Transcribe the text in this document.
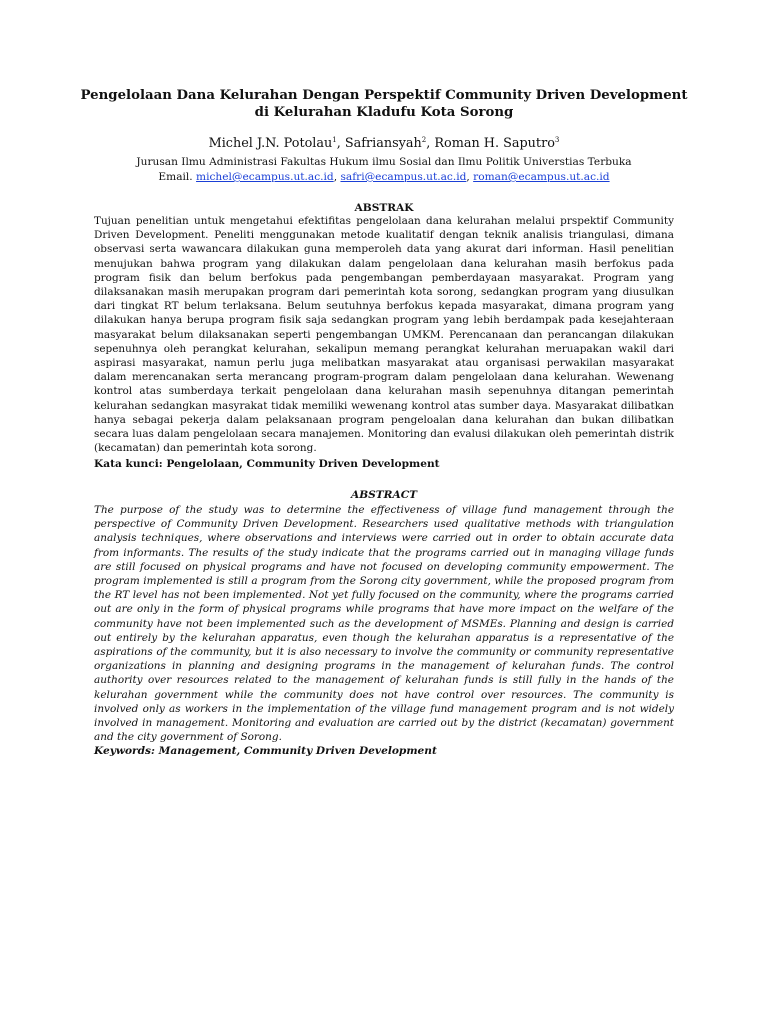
Pengelolaan Dana Kelurahan Dengan Perspektif Community Driven Development
di Kelurahan Kladufu Kota Sorong
Michel J.N. Potolau$^1$, Safriansyah$^2$, Roman H. Saputro$^3$
Jurusan Ilmu Administrasi Fakultas Hukum ilmu Sosial dan Ilmu Politik Universtias Terbuka
Email. michel@ecampus.ut.ac.id, safri@ecampus.ut.ac.id, roman@ecampus.ut.ac.id
ABSTRAK

Tujuan penelitian untuk mengetahui efektifitas pengelolaan dana kelurahan melalui prspektif Community Driven Development. Peneliti menggunakan metode kualitatif dengan teknik analisis triangulasi, dimana observasi serta wawancara dilakukan guna memperoleh data yang akurat dari informan. Hasil penelitian menujukan bahwa program yang dilakukan dalam pengelolaan dana kelurahan masih berfokus pada program fisik dan belum berfokus pada pengembangan pemberdayaan masyarakat. Program yang dilaksanakan masih merupakan program dari pemerintah kota sorong, sedangkan program yang diusulkan dari tingkat RT belum terlaksana. Belum seutuhnya berfokus kepada masyarakat, dimana program yang dilakukan hanya berupa program fisik saja sedangkan program yang lebih berdampak pada kesejahteraan masyarakat belum dilaksanakan seperti pengembangan UMKM. Perencanaan dan perancangan dilakukan sepenuhnya oleh perangkat kelurahan, sekalipun memang perangkat kelurahan meruapakan wakil dari aspirasi masyarakat, namun perlu juga melibatkan masyarakat atau organisasi perwakilan masyarakat dalam merencanakan serta merancang program-program dalam pengelolaan dana kelurahan. Wewenang kontrol atas sumberdaya terkait pengelolaan dana kelurahan masih sepenuhnya ditangan pemerintah kelurahan sedangkan masyrakat tidak memiliki wewenang kontrol atas sumber daya. Masyarakat dilibatkan hanya sebagai pekerja dalam pelaksanaan program pengeloalan dana kelurahan dan bukan dilibatkan secara luas dalam pengelolaan secara manajemen. Monitoring dan evalusi dilakukan oleh pemerintah distrik (kecamatan) dan pemerintah kota sorong.

Kata kunci: Pengelolaan, Community Driven Development

ABSTRACT

The purpose of the study was to determine the effectiveness of village fund management through the perspective of Community Driven Development. Researchers used qualitative methods with triangulation analysis techniques, where observations and interviews were carried out in order to obtain accurate data from informants. The results of the study indicate that the programs carried out in managing village funds are still focused on physical programs and have not focused on developing community empowerment. The program implemented is still a program from the Sorong city government, while the proposed program from the RT level has not been implemented. Not yet fully focused on the community, where the programs carried out are only in the form of physical programs while programs that have more impact on the welfare of the community have not been implemented such as the development of MSMEs. Planning and design is carried out entirely by the kelurahan apparatus, even though the kelurahan apparatus is a representative of the aspirations of the community, but it is also necessary to involve the community or community representative organizations in planning and designing programs in the management of kelurahan funds. The control authority over resources related to the management of kelurahan funds is still fully in the hands of the kelurahan government while the community does not have control over resources. The community is involved only as workers in the implementation of the village fund management program and is not widely involved in management. Monitoring and evaluation are carried out by the district (kecamatan) government and the city government of Sorong.

Keywords: Management, Community Driven Development
